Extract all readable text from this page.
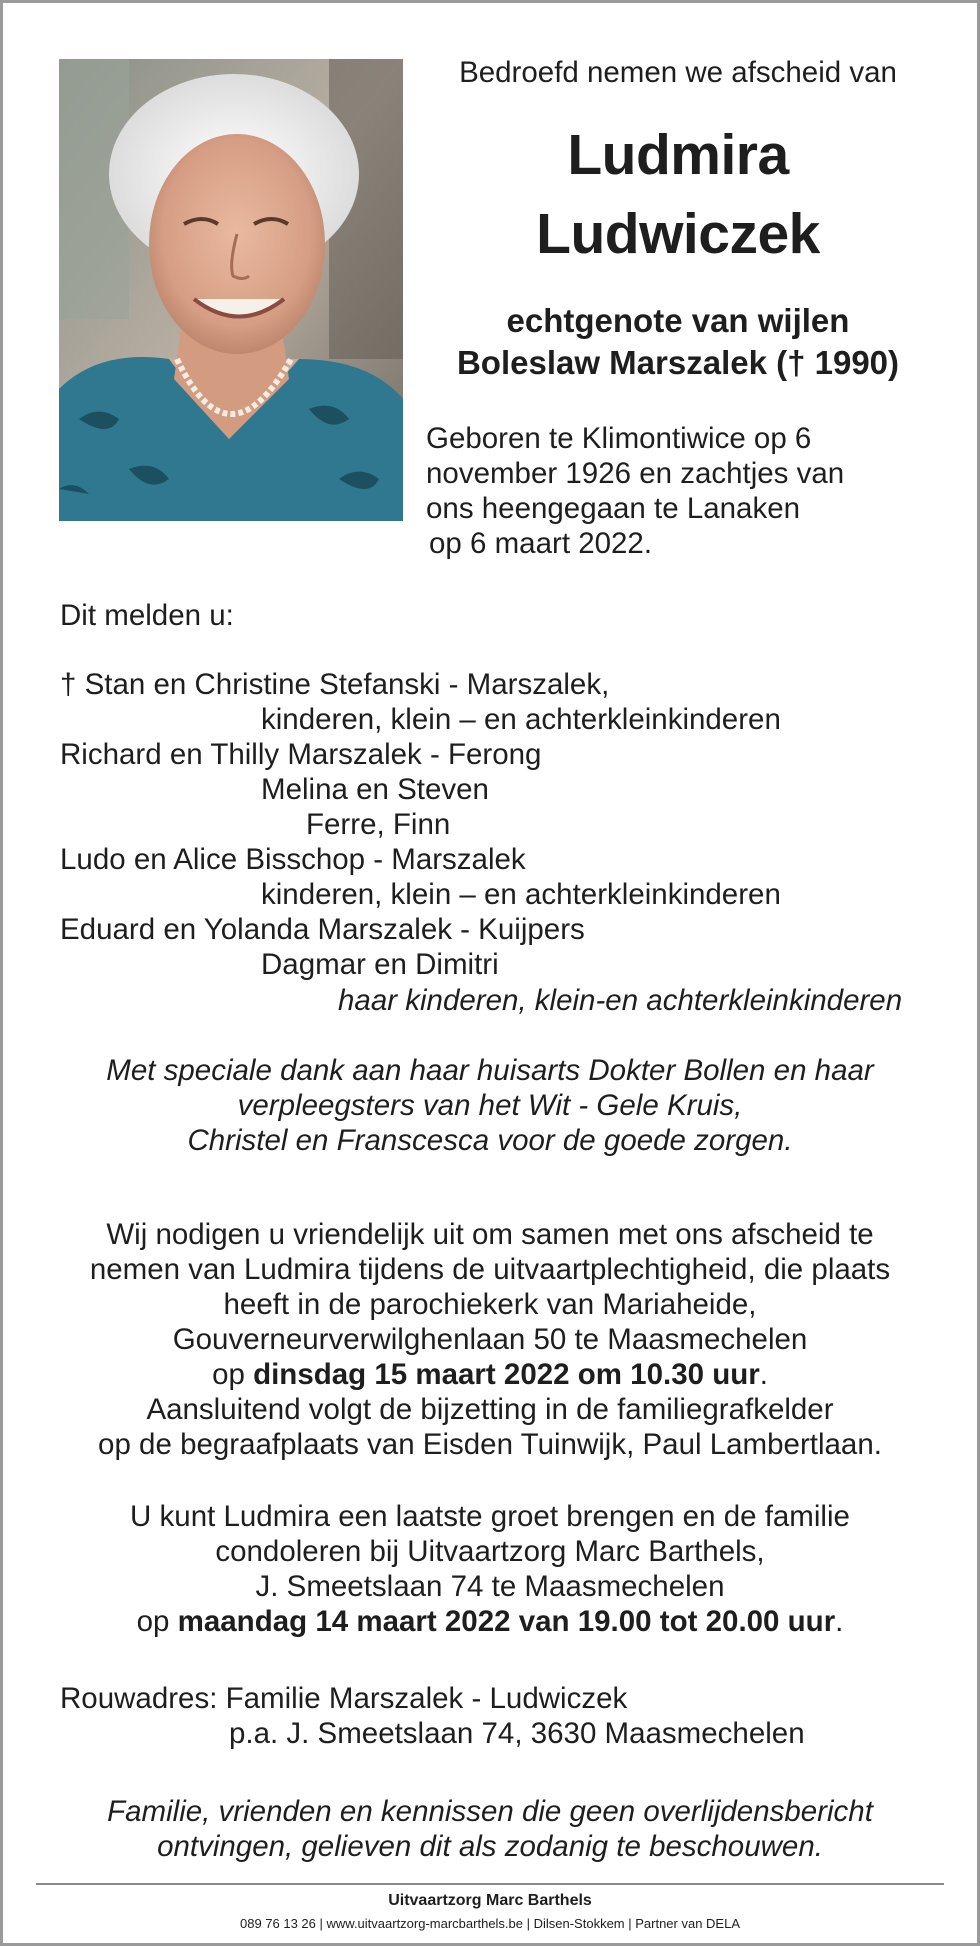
Bedroefd nemen we afscheid van
Ludmira
Ludwiczek
echtgenote van wijlen
Boleslaw Marszalek († 1990)
Geboren te Klimontiwice op 6
november 1926 en zachtjes van
ons heengegaan te Lanaken
op 6 maart 2022.
Dit melden u:
† Stan en Christine Stefanski - Marszalek,
kinderen, klein – en achterkleinkinderen
Richard en Thilly Marszalek - Ferong
Melina en Steven
Ferre, Finn
Ludo en Alice Bisschop - Marszalek
kinderen, klein – en achterkleinkinderen
Eduard en Yolanda Marszalek - Kuijpers
Dagmar en Dimitri
haar kinderen, klein-en achterkleinkinderen
Met speciale dank aan haar huisarts Dokter Bollen en haar
verpleegsters van het Wit - Gele Kruis,
Christel en Franscesca voor de goede zorgen.
Wij nodigen u vriendelijk uit om samen met ons afscheid te
nemen van Ludmira tijdens de uitvaartplechtigheid, die plaats
heeft in de parochiekerk van Mariaheide,
Gouverneurverwilghenlaan 50 te Maasmechelen
op dinsdag 15 maart 2022 om 10.30 uur.
Aansluitend volgt de bijzetting in de familiegrafkelder
op de begraafplaats van Eisden Tuinwijk, Paul Lambertlaan.
U kunt Ludmira een laatste groet brengen en de familie
condoleren bij Uitvaartzorg Marc Barthels,
J. Smeetslaan 74 te Maasmechelen
op maandag 14 maart 2022 van 19.00 tot 20.00 uur.
Rouwadres: Familie Marszalek - Ludwiczek
p.a. J. Smeetslaan 74, 3630 Maasmechelen
Familie, vrienden en kennissen die geen overlijdensbericht
ontvingen, gelieven dit als zodanig te beschouwen.
Uitvaartzorg Marc Barthels
089 76 13 26 | www.uitvaartzorg-marcbarthels.be | Dilsen-Stokkem | Partner van DELA
